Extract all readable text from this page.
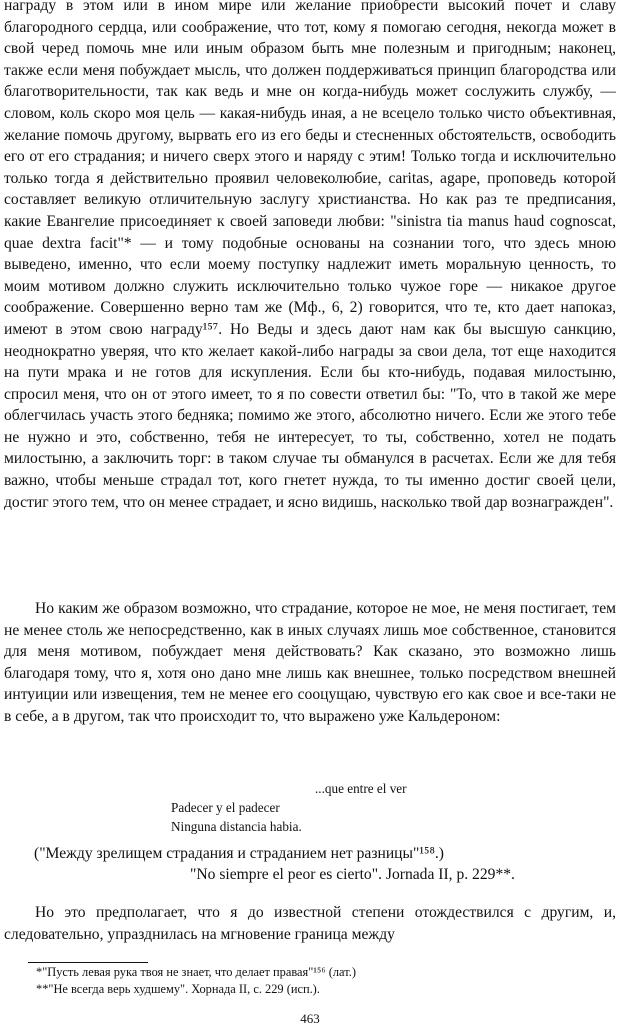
награду в этом или в ином мире или желание приобрести высокий почет и славу благородного сердца, или соображение, что тот, кому я помогаю сегодня, некогда может в свой черед помочь мне или иным образом быть мне полезным и пригодным; наконец, также если меня побуждает мысль, что должен поддерживаться принцип благородства или благотворительности, так как ведь и мне он когда-нибудь может сослужить службу, — словом, коль скоро моя цель — какая-нибудь иная, а не всецело только чисто объективная, желание помочь другому, вырвать его из его беды и стесненных обстоятельств, освободить его от его страдания; и ничего сверх этого и наряду с этим! Только тогда и исключительно только тогда я действительно проявил человеколюбие, caritas, agape, проповедь которой составляет великую отличительную заслугу христианства. Но как раз те предписания, какие Евангелие присоединяет к своей заповеди любви: "sinistra tia manus haud cognoscat, quae dextra facit"* — и тому подобные основаны на сознании того, что здесь мною выведено, именно, что если моему поступку надлежит иметь моральную ценность, то моим мотивом должно служить исключительно только чужое горе — никакое другое соображение. Совершенно верно там же (Мф., 6, 2) говорится, что те, кто дает напоказ, имеют в этом свою награду¹⁵⁷. Но Веды и здесь дают нам как бы высшую санкцию, неоднократно уверяя, что кто желает какой-либо награды за свои дела, тот еще находится на пути мрака и не готов для искупления. Если бы кто-нибудь, подавая милостыню, спросил меня, что он от этого имеет, то я по совести ответил бы: "То, что в такой же мере облегчилась участь этого бедняка; помимо же этого, абсолютно ничего. Если же этого тебе не нужно и это, собственно, тебя не интересует, то ты, собственно, хотел не подать милостыню, а заключить торг: в таком случае ты обманулся в расчетах. Если же для тебя важно, чтобы меньше страдал тот, кого гнетет нужда, то ты именно достиг своей цели, достиг этого тем, что он менее страдает, и ясно видишь, насколько твой дар вознагражден".

Но каким же образом возможно, что страдание, которое не мое, не меня постигает, тем не менее столь же непосредственно, как в иных случаях лишь мое собственное, становится для меня мотивом, побуждает меня действовать? Как сказано, это возможно лишь благодаря тому, что я, хотя оно дано мне лишь как внешнее, только посредством внешней интуиции или извещения, тем не менее его сооцущаю, чувствую его как свое и все-таки не в себе, а в другом, так что происходит то, что выражено уже Кальдероном:

...que entre el ver

Padecer y el padecer

Ninguna distancia habia.

("Между зрелищем страдания и страданием нет разницы"¹⁵⁸.)

"No siempre el peor es cierto". Jornada II, p. 229**.

Но это предполагает, что я до известной степени отождествился с другим, и, следовательно, упразднилась на мгновение граница между

*"Пусть левая рука твоя не знает, что делает правая"¹⁵⁶ (лат.)

**"Не всегда верь худшему". Хорнада II, с. 229 (исп.).

463
